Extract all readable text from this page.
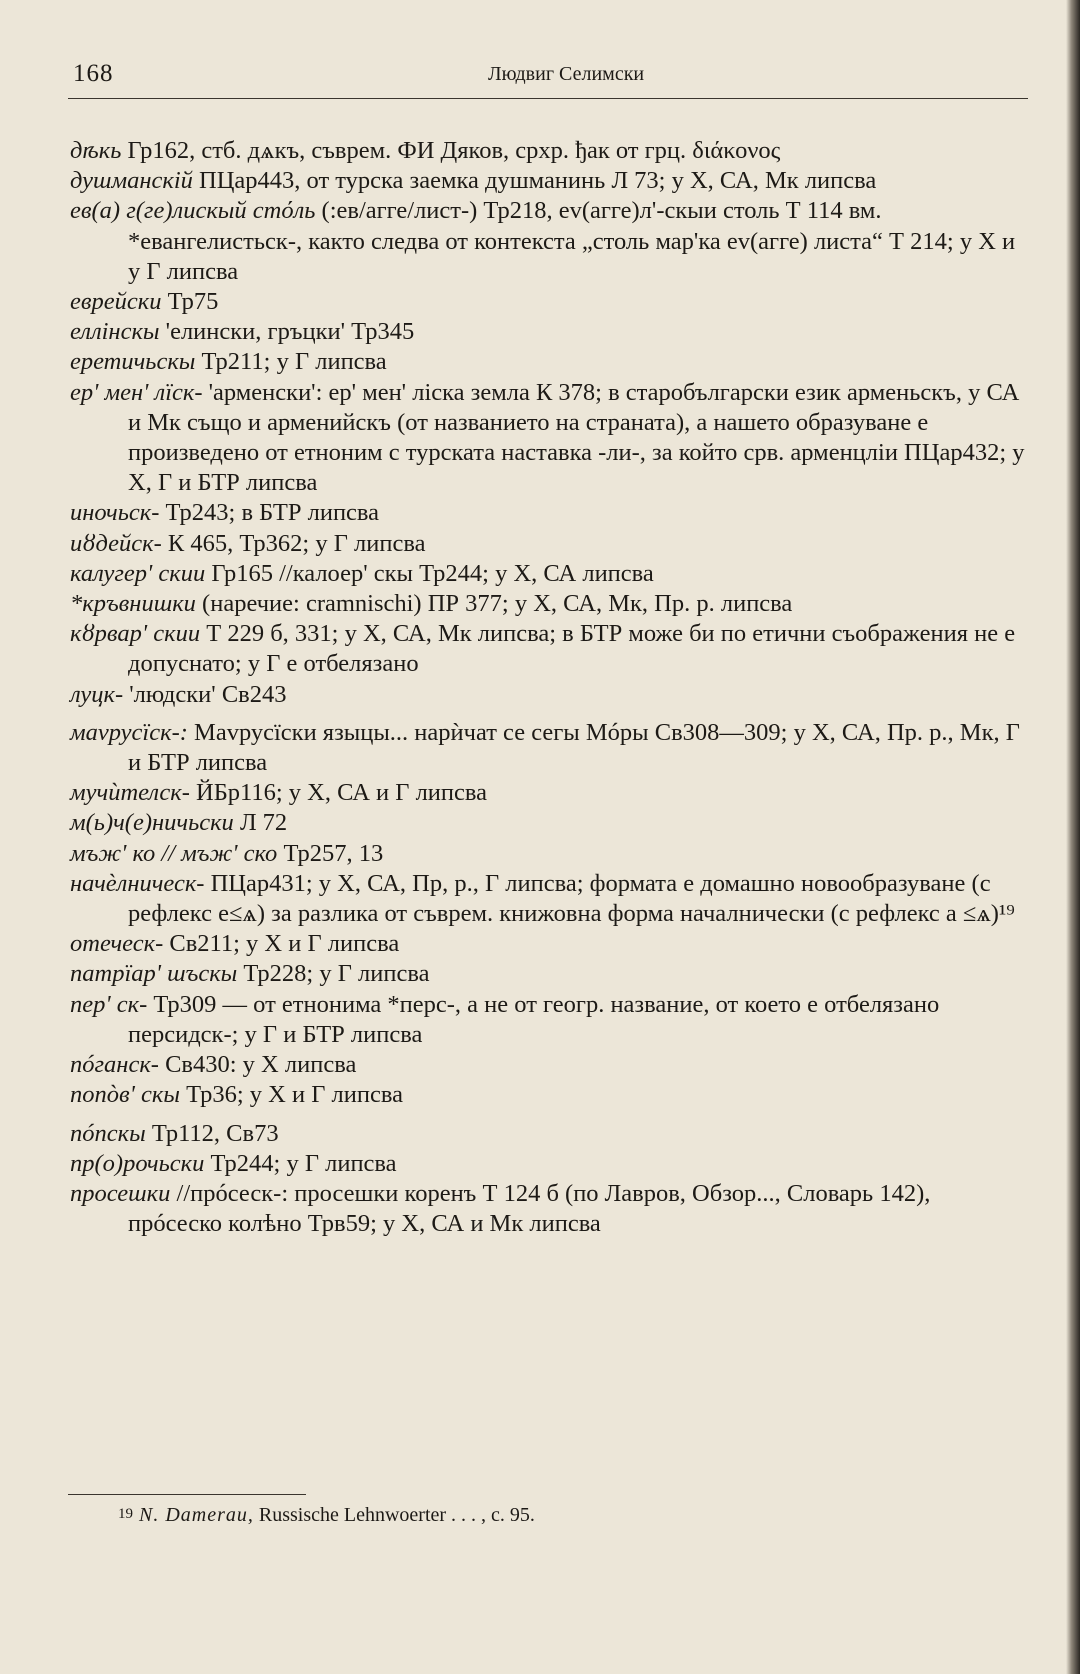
168	Людвиг Селимски

дѣкь Гр162, стб. дѧкъ, съврем. ФИ Дяков, срхр. ђак от грц. διάκονος

душманскій ПЦар443, от турска заемка душманинь Л 73; у Х, СА, Мк липсва

ев(а) г(ге)лискый стόль (:ев/агге/лист-) Тр218, еv(агге)л'-скыи столь Т 114 вм. *евангелистьск-, както следва от контекста „столь мар'ка еv(агге) листа“ Т 214; у Х и у Г липсва

еврейски Тр75

еллінскы 'елински, гръцки' Тр345

еретичьскы Тр211; у Г липсва

ер' мен' лїск- 'арменски': ер' мен' ліска земла К 378; в старобългарски език арменьскъ, у СА и Мк също и арменийскъ (от названието на страната), а нашето образуване е произведено от етноним с турската наставка -ли-, за който срв. арменцліи ПЦар432; у Х, Г и БТР липсва

иночьск- Тр243; в БТР липсва

иȣдейск- К 465, Тр362; у Г липсва

калугер' скии Гр165 //калоер' скы Тр244; у Х, СА липсва

*кръвнишки (наречие: cramnischi) ПР 377; у Х, СА, Мк, Пр. р. липсва

кȣрвар' скии Т 229 б, 331; у Х, СА, Мк липсва; в БТР може би по етични съображения не е допуснато; у Г е отбелязано

луцк- 'людски' Св243

маvрусїск-: Маvрусїски языцы... нарѝчат се сегы Мóры Св308—309; у Х, СА, Пр. р., Мк, Г и БТР липсва

мучѝтелск- ЙБр116; у Х, СА и Г липсва

м(ь)ч(е)ничьски Л 72

мъж' ко // мъж' ско Тр257, 13

начѐлническ- ПЦар431; у Х, СА, Пр, р., Г липсва; формата е домашно новообразуване (с рефлекс е≤ѧ) за разлика от съврем. книжовна форма началнически (с рефлекс а ≤ѧ)¹⁹

отеческ- Св211; у Х и Г липсва

патрїар' шъскы Тр228; у Г липсва

пер' ск- Тр309 — от етнонима *перс-, а не от геогр. название, от което е отбелязано персидск-; у Г и БТР липсва

пóганск- Св430: у Х липсва

попòв' скы Тр36; у Х и Г липсва

пóпскы Тр112, Св73

пр(о)рочьски Тр244; у Г липсва

просешки //прóсеск-: просешки коренъ Т 124 б (по Лавров, Обзор..., Словарь 142), прóсеско колѣно Трв59; у Х, СА и Мк липсва

19 N. Damerau, Russische Lehnwoerter . . . , с. 95.
